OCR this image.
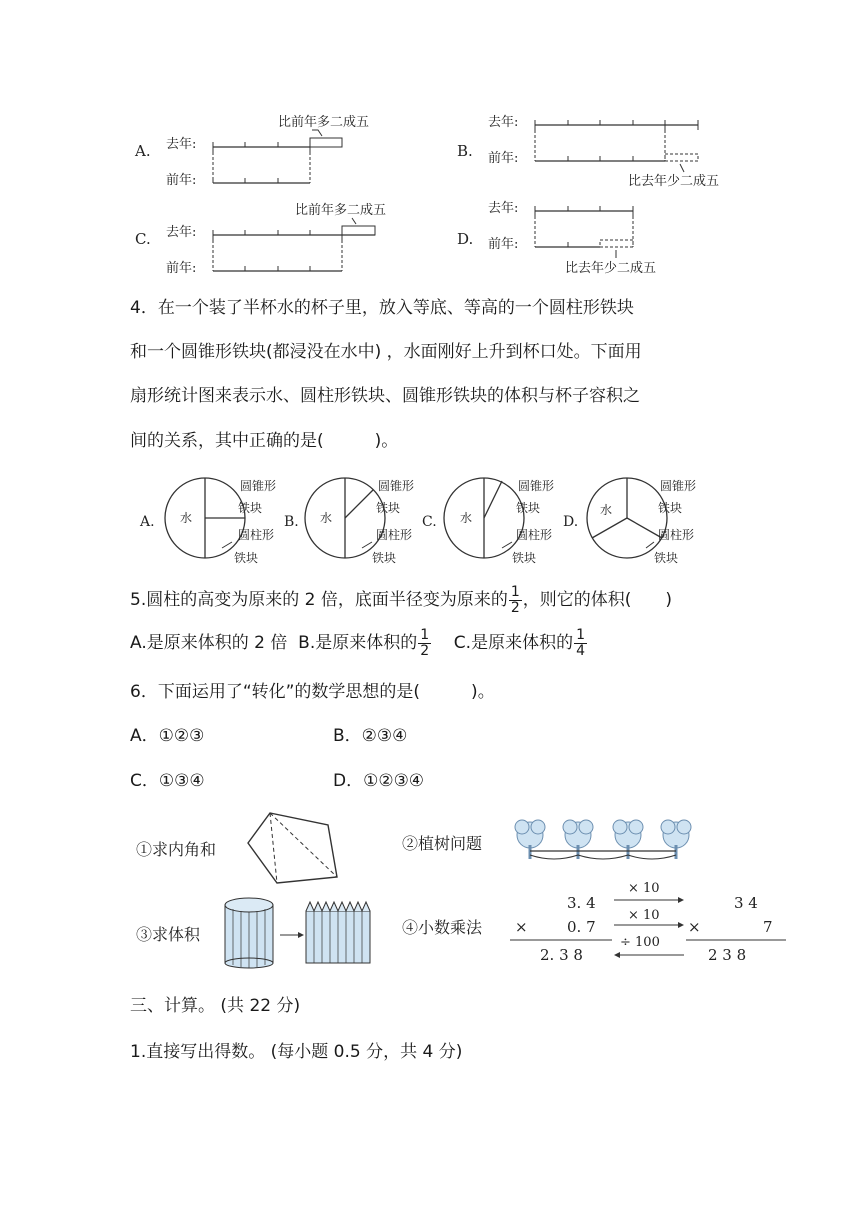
A. 去年:
前年:
比前年多二成五
B.
去年:
前年:
比去年少二成五
C. 去年:
前年:
比前年多二成五
D.
去年:
前年:
比去年少二成五
4．在一个装了半杯水的杯子里，放入等底、等高的一个圆柱形铁块
和一个圆锥形铁块(都浸没在水中) ，水面刚好上升到杯口处。下面用
扇形统计图来表示水、圆柱形铁块、圆锥形铁块的体积与杯子容积之
间的关系，其中正确的是(　　　)。
A. 水
圆锥形
铁块
圆柱形
铁块
B. 水
圆锥形
铁块
圆柱形
铁块
C. 水
圆锥形
铁块
圆柱形
铁块
D.
水
圆锥形
铁块
圆柱形
铁块
5.圆柱的高变为原来的 2 倍，底面半径变为原来的 $\frac{1}{2}$ ，则它的体积(　　)
A.是原来体积的 2 倍 B.是原来体积的 $\frac{1}{2} C$.是原来体积的 $\frac{1}{4}$
6．下面运用了“转化”的数学思想的是(　　　)。
A．①②③	B．②③④
C．①③④	D．①②③④
①求内角和	②植树问题
③求体积	④小数乘法
3. 4
×	0. 7
2. 3 8
× 10
× 10
÷ 100
3 4
×	7
2 3 8
三、计算。 (共 22 分)
1.直接写出得数。 (每小题 0.5 分，共 4 分)
